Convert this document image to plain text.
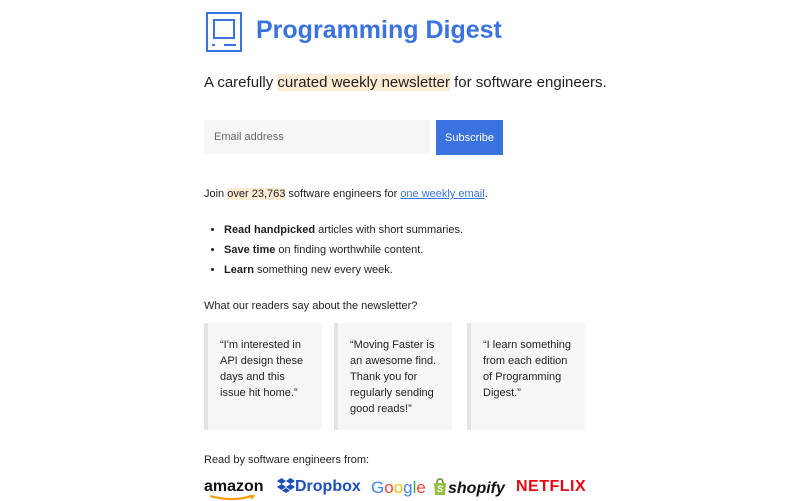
Programming Digest
A carefully curated weekly newsletter for software engineers.
Email address
Subscribe
Join over 23,763 software engineers for one weekly email.
• Read handpicked articles with short summaries.
• Save time on finding worthwhile content.
• Learn something new every week.
What our readers say about the newsletter?
“I'm interested in API design these days and this issue hit home.”
“Moving Faster is an awesome find. Thank you for regularly sending good reads!”
“I learn something from each edition of Programming Digest.”
Read by software engineers from:
amazon	Dropbox Google S shopify NETFLIX
